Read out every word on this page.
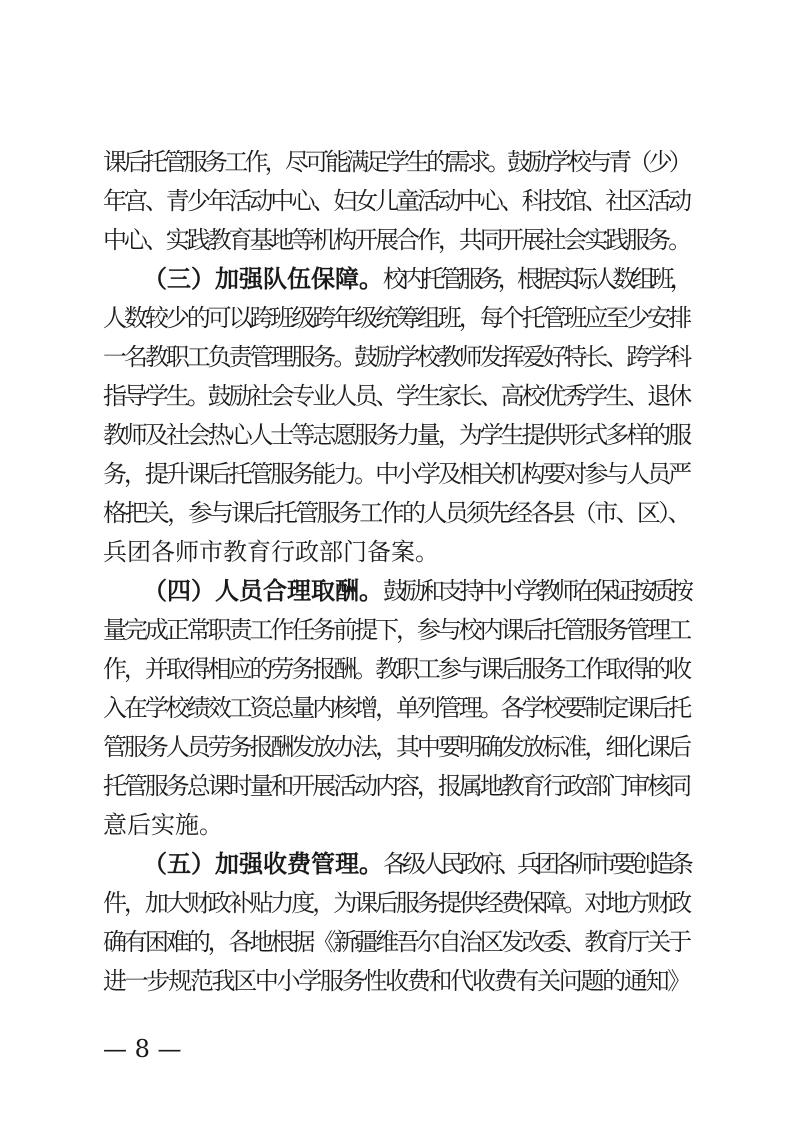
课后托管服务工作，尽可能满足学生的需求。鼓励学校与青（少）
年宫、青少年活动中心、妇女儿童活动中心、科技馆、社区活动
中心、实践教育基地等机构开展合作，共同开展社会实践服务。
（三）加强队伍保障。 校内托管服务，根据实际人数组班，
人数较少的可以跨班级跨年级统筹组班，每个托管班应至少安排
一名教职工负责管理服务。鼓励学校教师发挥爱好特长、跨学科
指导学生。鼓励社会专业人员、学生家长、高校优秀学生、退休
教师及社会热心人士等志愿服务力量，为学生提供形式多样的服
务，提升课后托管服务能力。中小学及相关机构要对参与人员严
格把关，参与课后托管服务工作的人员须先经各县（市、区）、
兵团各师市教育行政部门备案。
（四）人员合理取酬。 鼓励和支持中小学教师在保证按质按
量完成正常职责工作任务前提下，参与校内课后托管服务管理工
作，并取得相应的劳务报酬。教职工参与课后服务工作取得的收
入在学校绩效工资总量内核增，单列管理。各学校要制定课后托
管服务人员劳务报酬发放办法，其中要明确发放标准，细化课后
托管服务总课时量和开展活动内容，报属地教育行政部门审核同
意后实施。
（五）加强收费管理。 各级人民政府、兵团各师市要创造条
件，加大财政补贴力度，为课后服务提供经费保障。对地方财政
确有困难的，各地根据《新疆维吾尔自治区发改委、教育厅关于
进一步规范我区中小学服务性收费和代收费有关问题的通知》
— 8 —
